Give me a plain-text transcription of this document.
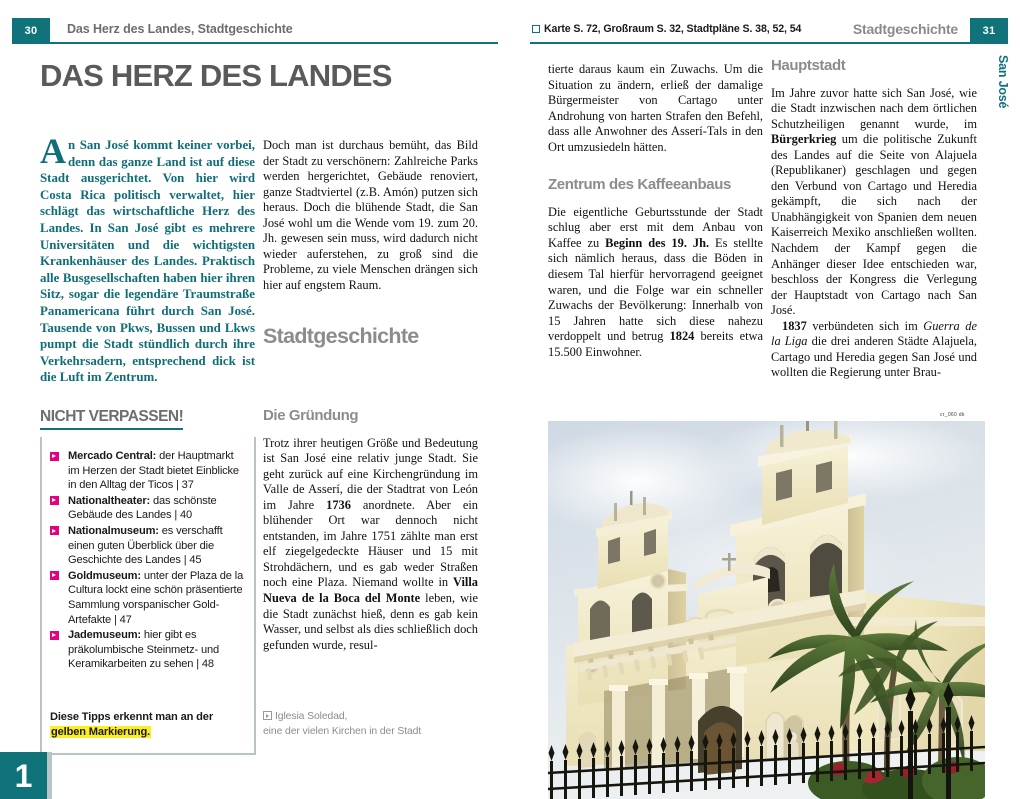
30	Das Herz des Landes, Stadtgeschichte
DAS HERZ DES LANDES

An San José kommt keiner vorbei, denn das ganze Land ist auf diese Stadt ausgerichtet. Von hier wird Costa Rica politisch verwaltet, hier schlägt das wirtschaftliche Herz des Landes. In San José gibt es mehrere Universitäten und die wichtigsten Krankenhäuser des Landes. Praktisch alle Busgesellschaften haben hier ihren Sitz, sogar die legendäre Traumstraße Panamericana führt durch San José. Tausende von Pkws, Bussen und Lkws pumpt die Stadt stündlich durch ihre Verkehrsadern, entsprechend dick ist die Luft im Zentrum.

Doch man ist durchaus bemüht, das Bild der Stadt zu verschönern: Zahlreiche Parks werden hergerichtet, Gebäude renoviert, ganze Stadtviertel (z.B. Amón) putzen sich heraus. Doch die blühende Stadt, die San José wohl um die Wende vom 19. zum 20. Jh. gewesen sein muss, wird dadurch nicht wieder auferstehen, zu groß sind die Probleme, zu viele Menschen drängen sich hier auf engstem Raum.

Stadtgeschichte
Die Gründung

Trotz ihrer heutigen Größe und Bedeutung ist San José eine relativ junge Stadt. Sie geht zurück auf eine Kirchengründung im Valle de Asserí, die der Stadtrat von León im Jahre 1736 anordnete. Aber ein blühender Ort war dennoch nicht entstanden, im Jahre 1751 zählte man erst elf ziegelgedeckte Häuser und 15 mit Strohdächern, und es gab weder Straßen noch eine Plaza. Niemand wollte in Villa Nueva de la Boca del Monte leben, wie die Stadt zunächst hieß, denn es gab kein Wasser, und selbst als dies schließlich doch gefunden wurde, resul-

NICHT VERPASSEN!
Mercado Central: der Hauptmarkt im Herzen der Stadt bietet Einblicke in den Alltag der Ticos | 37
Nationaltheater: das schönste Gebäude des Landes | 40
Nationalmuseum: es verschafft einen guten Überblick über die Geschichte des Landes | 45
Goldmuseum: unter der Plaza de la Cultura lockt eine schön präsentierte Sammlung vorspanischer Gold-Artefakte | 47
Jademuseum: hier gibt es präkolumbische Steinmetz- und Keramikarbeiten zu sehen | 48
Diese Tipps erkennt man an der
gelben Markierung.
Iglesia Soledad,
eine der vielen Kirchen in der Stadt
1
Karte S. 72, Großraum S. 32, Stadtpläne S. 38, 52, 54	Stadtgeschichte	31

tierte daraus kaum ein Zuwachs. Um die Situation zu ändern, erließ der damalige Bürgermeister von Cartago unter Androhung von harten Strafen den Befehl, dass alle Anwohner des Asserí-Tals in den Ort umzusiedeln hätten.

Zentrum des Kaffeeanbaus

Die eigentliche Geburtsstunde der Stadt schlug aber erst mit dem Anbau von Kaffee zu Beginn des 19. Jh. Es stellte sich nämlich heraus, dass die Böden in diesem Tal hierfür hervorragend geeignet waren, und die Folge war ein schneller Zuwachs der Bevölkerung: Innerhalb von 15 Jahren hatte sich diese nahezu verdoppelt und betrug 1824 bereits etwa 15.500 Einwohner.

Hauptstadt

Im Jahre zuvor hatte sich San José, wie die Stadt inzwischen nach dem örtlichen Schutzheiligen genannt wurde, im Bürgerkrieg um die politische Zukunft des Landes auf die Seite von Alajuela (Republikaner) geschlagen und gegen den Verbund von Cartago und Heredia gekämpft, die sich nach der Unabhängigkeit von Spanien dem neuen Kaiserreich Mexiko anschließen wollten. Nachdem der Kampf gegen die Anhänger dieser Idee entschieden war, beschloss der Kongress die Verlegung der Hauptstadt von Cartago nach San José.

1837 verbündeten sich im Guerra de la Liga die drei anderen Städte Alajuela, Cartago und Heredia gegen San José und wollten die Regierung unter Brau-

San José
cr_060 dk
